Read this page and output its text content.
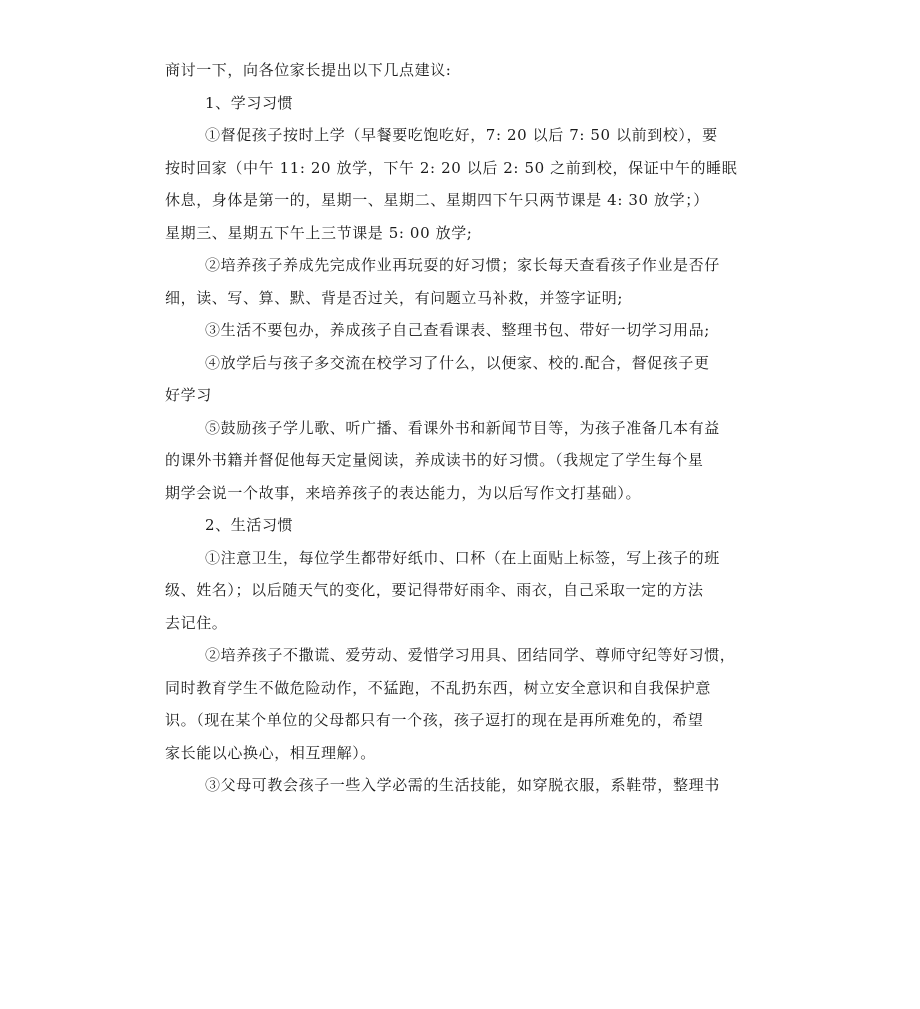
商讨一下，向各位家长提出以下几点建议:
1、学习习惯
①督促孩子按时上学（早餐要吃饱吃好，7: 20 以后 7: 50 以前到校），要
按时回家（中午 11: 20 放学，下午 2: 20 以后 2: 50 之前到校，保证中午的睡眠
休息，身体是第一的，星期一、星期二、星期四下午只两节课是 4: 30 放学；）
星期三、星期五下午上三节课是 5: 00 放学;
②培养孩子养成先完成作业再玩耍的好习惯；家长每天查看孩子作业是否仔
细，读、写、算、默、背是否过关，有问题立马补救，并签字证明;
③生活不要包办，养成孩子自己查看课表、整理书包、带好一切学习用品;
④放学后与孩子多交流在校学习了什么，以便家、校的.配合，督促孩子更
好学习
⑤鼓励孩子学儿歌、听广播、看课外书和新闻节目等，为孩子准备几本有益
的课外书籍并督促他每天定量阅读，养成读书的好习惯。（我规定了学生每个星
期学会说一个故事，来培养孩子的表达能力，为以后写作文打基础）。
2、生活习惯
①注意卫生，每位学生都带好纸巾、口杯（在上面贴上标签，写上孩子的班
级、姓名）；以后随天气的变化，要记得带好雨伞、雨衣，自己采取一定的方法
去记住。
②培养孩子不撒谎、爱劳动、爱惜学习用具、团结同学、尊师守纪等好习惯，
同时教育学生不做危险动作，不猛跑，不乱扔东西，树立安全意识和自我保护意
识。（现在某个单位的父母都只有一个孩，孩子逗打的现在是再所难免的，希望
家长能以心换心，相互理解）。
③父母可教会孩子一些入学必需的生活技能，如穿脱衣服，系鞋带，整理书
